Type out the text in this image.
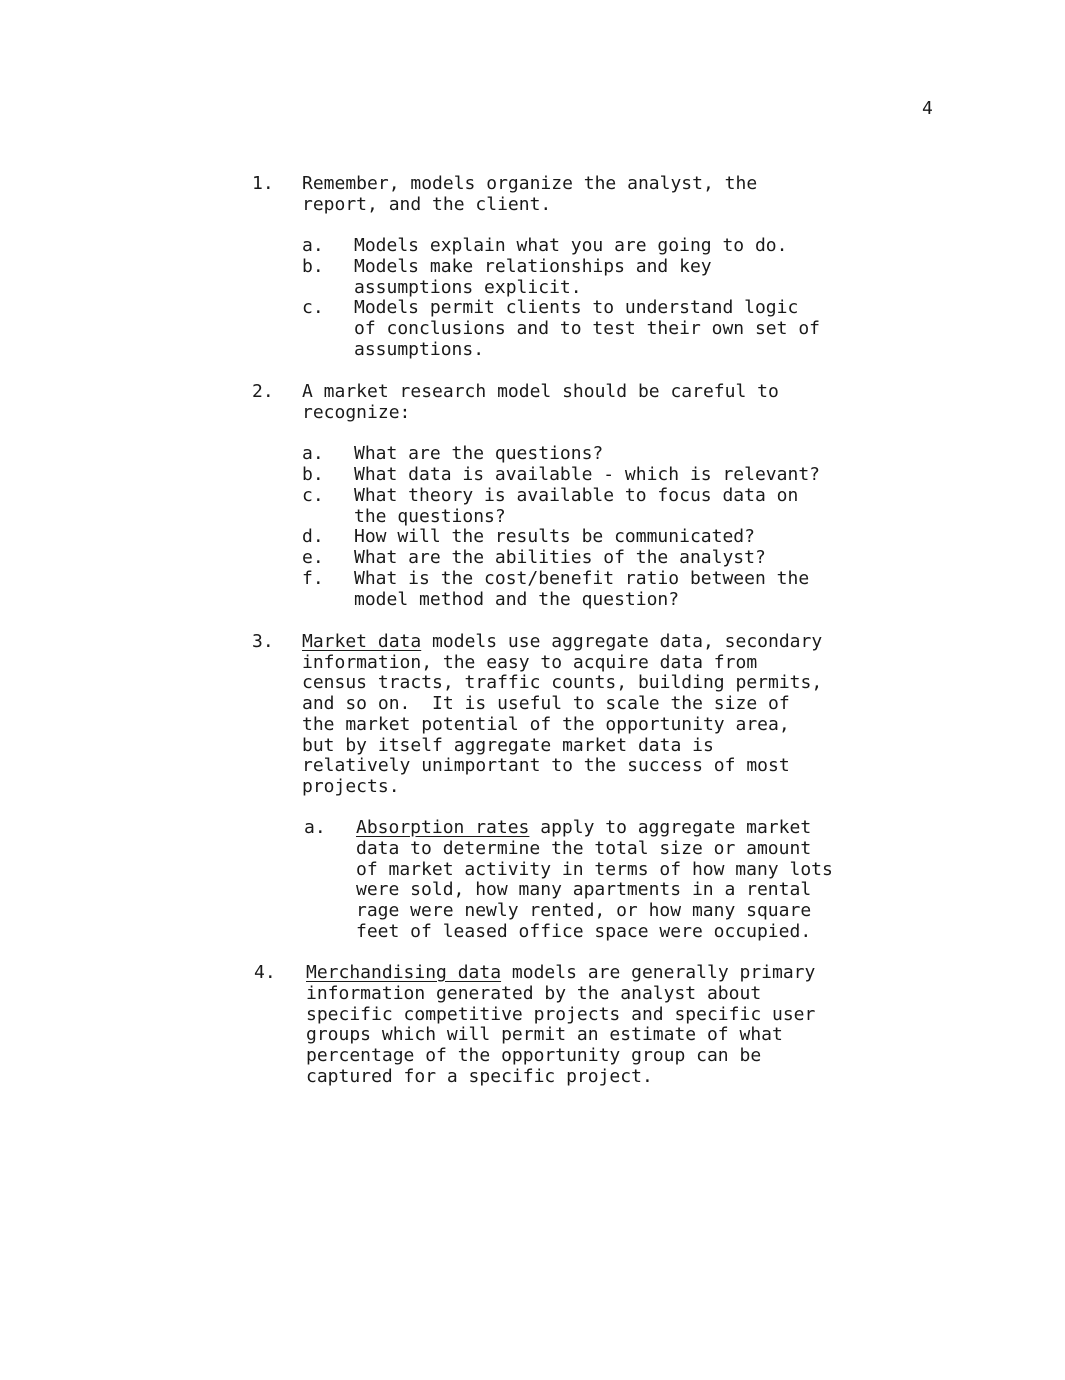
4
1. Remember, models organize the analyst, the
report, and the client.
a. Models explain what you are going to do.
b. Models make relationships and key
assumptions explicit.
c. Models permit clients to understand logic
of conclusions and to test their own set of
assumptions.
2. A market research model should be careful to
recognize:
a. What are the questions?
b. What data is available - which is relevant?
c. What theory is available to focus data on
the questions?
d. How will the results be communicated?
e. What are the abilities of the analyst?
f. What is the cost/benefit ratio between the
model method and the question?
3. Market data models use aggregate data, secondary
information, the easy to acquire data from
census tracts, traffic counts, building permits,
and so on.  It is useful to scale the size of
the market potential of the opportunity area,
but by itself aggregate market data is
relatively unimportant to the success of most
projects.
a. Absorption rates apply to aggregate market
data to determine the total size or amount
of market activity in terms of how many lots
were sold, how many apartments in a rental
rage were newly rented, or how many square
feet of leased office space were occupied.
4. Merchandising data models are generally primary
information generated by the analyst about
specific competitive projects and specific user
groups which will permit an estimate of what
percentage of the opportunity group can be
captured for a specific project.
